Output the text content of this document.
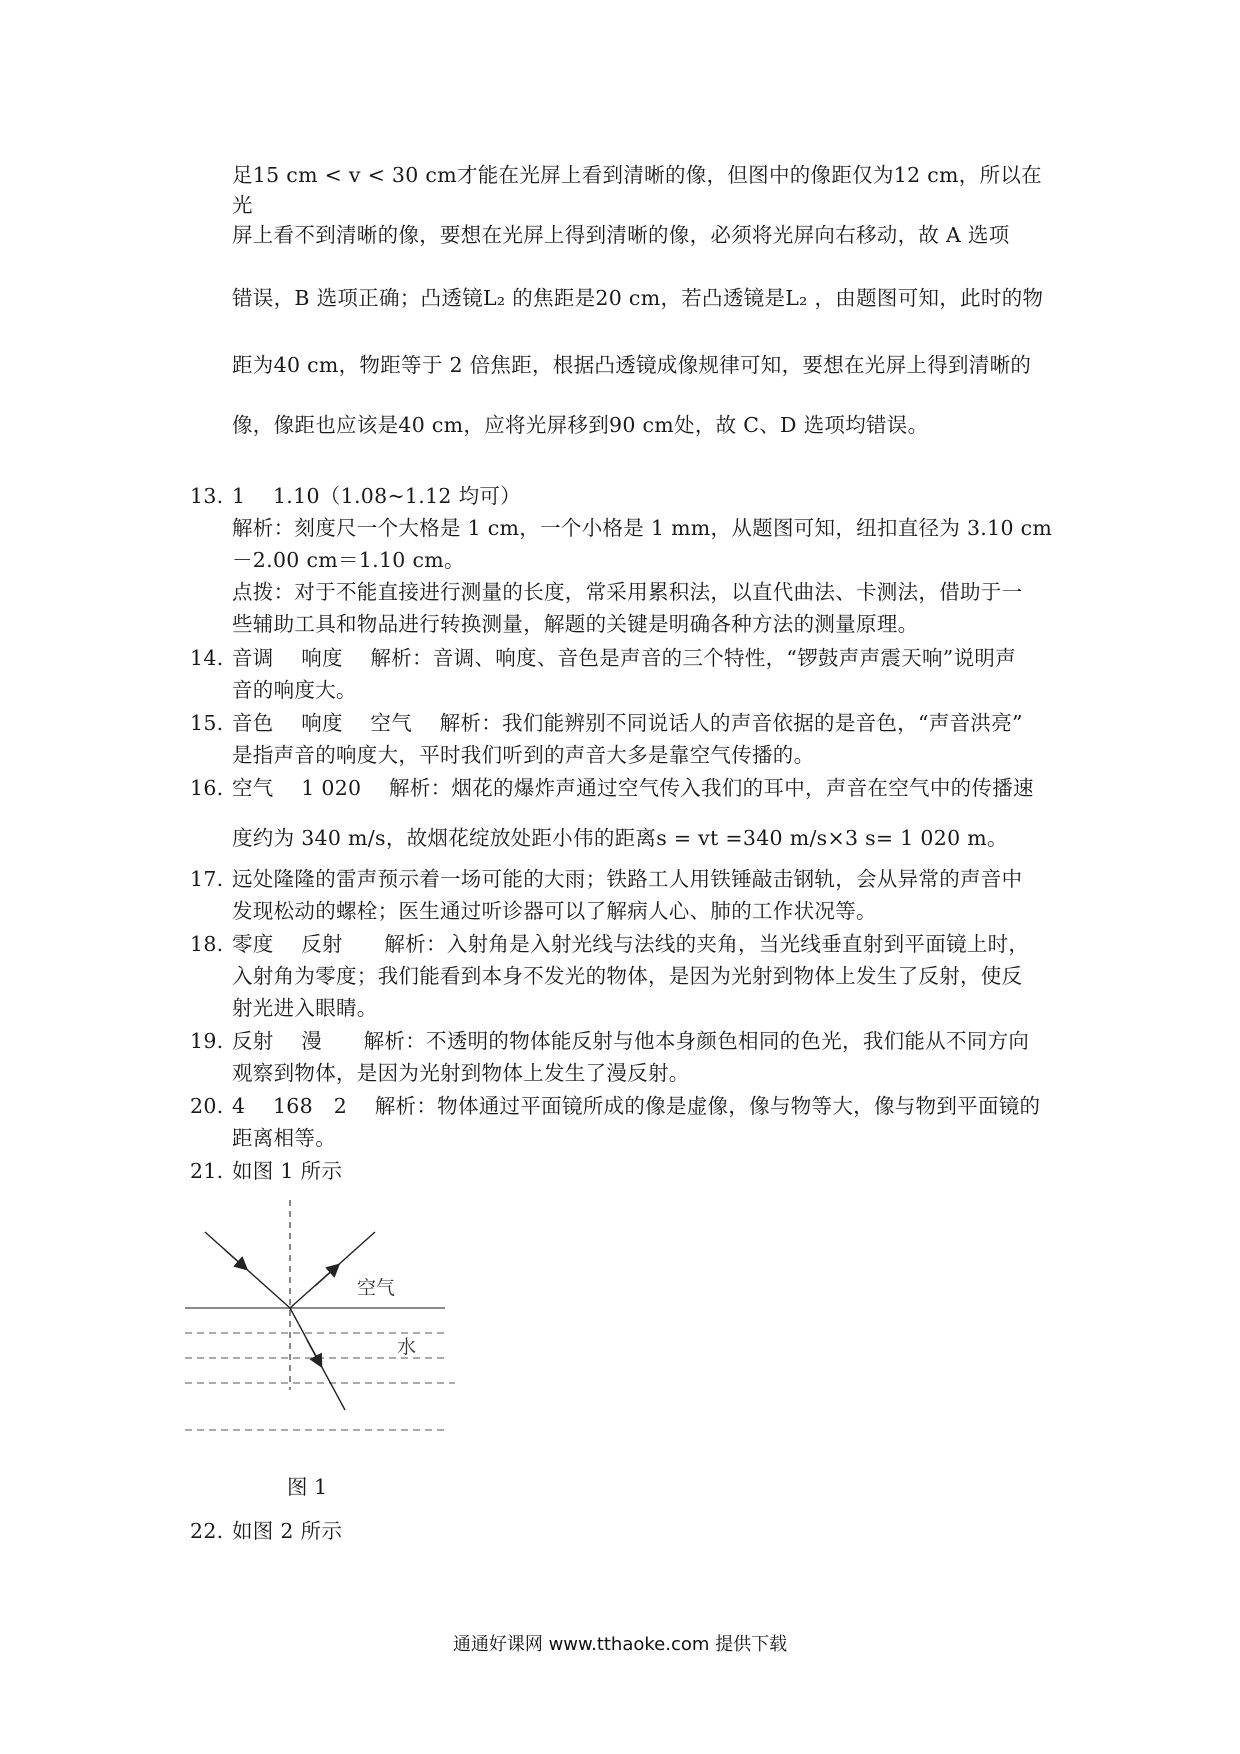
足15 cm < v < 30 cm才能在光屏上看到清晰的像，但图中的像距仅为12 cm，所以在光
屏上看不到清晰的像，要想在光屏上得到清晰的像，必须将光屏向右移动，故 A 选项
错误，B 选项正确；凸透镜L₂ 的焦距是20 cm，若凸透镜是L₂ ，由题图可知，此时的物
距为40 cm，物距等于 2 倍焦距，根据凸透镜成像规律可知，要想在光屏上得到清晰的
像，像距也应该是40 cm，应将光屏移到90 cm处，故 C、D 选项均错误。
13. 1　 1.10（1.08~1.12 均可）
解析：刻度尺一个大格是 1 cm，一个小格是 1 mm，从题图可知，纽扣直径为 3.10 cm
－2.00 cm＝1.10 cm。
点拨：对于不能直接进行测量的长度，常采用累积法，以直代曲法、卡测法，借助于一
些辅助工具和物品进行转换测量，解题的关键是明确各种方法的测量原理。
14. 音调　 响度　 解析：音调、响度、音色是声音的三个特性，“锣鼓声声震天响”说明声
音的响度大。
15. 音色　 响度　 空气　 解析：我们能辨别不同说话人的声音依据的是音色，“声音洪亮”
是指声音的响度大，平时我们听到的声音大多是靠空气传播的。
16. 空气　 1 020　 解析：烟花的爆炸声通过空气传入我们的耳中，声音在空气中的传播速
度约为 340 m/s，故烟花绽放处距小伟的距离s = vt =340 m/s×3 s= 1 020 m。
17. 远处隆隆的雷声预示着一场可能的大雨；铁路工人用铁锤敲击钢轨，会从异常的声音中
发现松动的螺栓；医生通过听诊器可以了解病人心、肺的工作状况等。
18. 零度　 反射　　解析：入射角是入射光线与法线的夹角，当光线垂直射到平面镜上时，
入射角为零度；我们能看到本身不发光的物体，是因为光射到物体上发生了反射，使反
射光进入眼睛。
19. 反射　 漫　　解析：不透明的物体能反射与他本身颜色相同的色光，我们能从不同方向
观察到物体，是因为光射到物体上发生了漫反射。
20. 4　 168　2　 解析：物体通过平面镜所成的像是虚像，像与物等大，像与物到平面镜的
距离相等。
21. 如图 1 所示
空气
水
图 1
22. 如图 2 所示
通通好课网 www.tthaoke.com 提供下载
